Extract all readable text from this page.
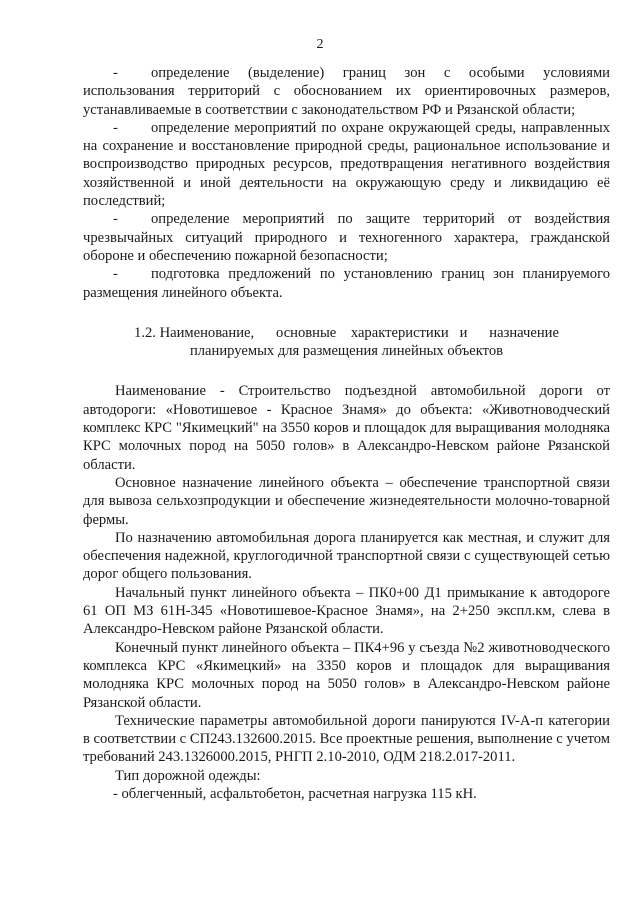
2

- определение (выделение) границ зон с особыми условиями использования территорий с обоснованием их ориентировочных размеров, устанавливаемые в соответствии с законодательством РФ и Рязанской области;

- определение мероприятий по охране окружающей среды, направленных на сохранение и восстановление природной среды, рациональное использование и воспроизводство природных ресурсов, предотвращения негативного воздействия хозяйственной и иной деятельности на окружающую среду и ликвидацию её последствий;

- определение мероприятий по защите территорий от воздействия чрезвычайных ситуаций природного и техногенного характера, гражданской обороне и обеспечению пожарной безопасности;

- подготовка предложений по установлению границ зон планируемого размещения линейного объекта.

1.2. Наименование,      основные    характеристики   и      назначение
планируемых для размещения линейных объектов

Наименование - Строительство подъездной автомобильной дороги от автодороги: «Новотишевое - Красное Знамя» до объекта: «Животноводческий комплекс КРС "Якимецкий" на 3550 коров и площадок для выращивания молодняка КРС молочных пород на 5050 голов» в Александро-Невском районе Рязанской области.

Основное назначение линейного объекта – обеспечение транспортной связи для вывоза сельхозпродукции и обеспечение жизнедеятельности молочно-товарной фермы.

По назначению автомобильная дорога планируется как местная, и служит для обеспечения надежной, круглогодичной транспортной связи с существующей сетью дорог общего пользования.

Начальный пункт линейного объекта – ПК0+00 Д1 примыкание к автодороге 61 ОП МЗ 61Н-345 «Новотишевое-Красное Знамя», на 2+250 экспл.км, слева в Александро-Невском районе Рязанской области.

Конечный пункт линейного объекта – ПК4+96 у съезда №2 животноводческого комплекса КРС «Якимецкий» на 3350 коров и площадок для выращивания молодняка КРС молочных пород на 5050 голов» в Александро-Невском районе Рязанской области.

Технические параметры автомобильной дороги панируются IV-А-п категории в соответствии с СП243.132600.2015. Все проектные решения, выполнение с учетом требований 243.1326000.2015, РНГП 2.10-2010, ОДМ 218.2.017-2011.

Тип дорожной одежды:

- облегченный, асфальтобетон, расчетная нагрузка 115 кН.
